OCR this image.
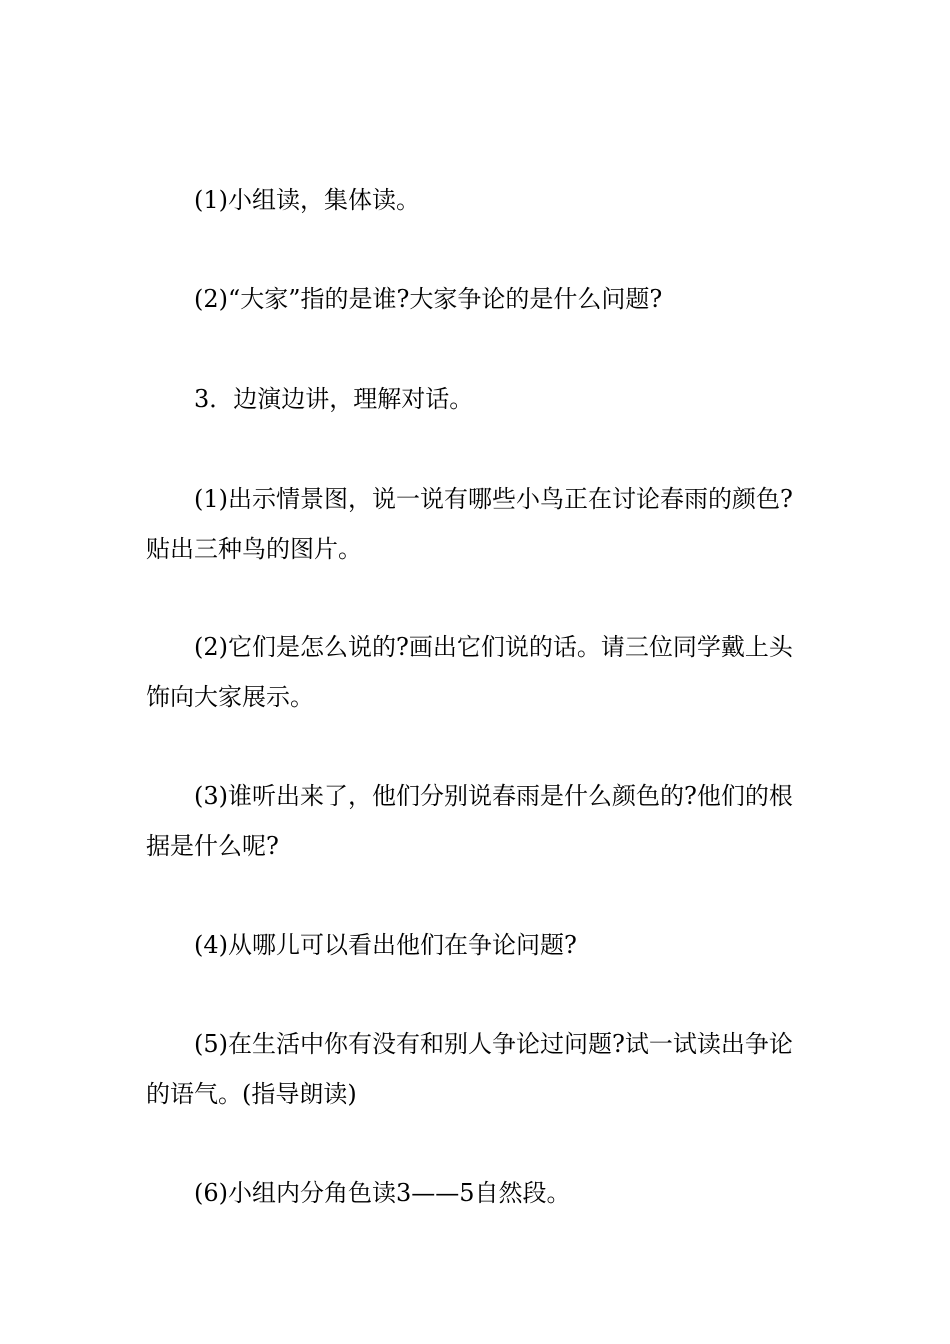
(1)小组读，集体读。

(2)“大家”指的是谁?大家争论的是什么问题?

3．边演边讲，理解对话。

(1)出示情景图，说一说有哪些小鸟正在讨论春雨的颜色?贴出三种鸟的图片。

(2)它们是怎么说的?画出它们说的话。请三位同学戴上头饰向大家展示。

(3)谁听出来了，他们分别说春雨是什么颜色的?他们的根据是什么呢?

(4)从哪儿可以看出他们在争论问题?

(5)在生活中你有没有和别人争论过问题?试一试读出争论的语气。(指导朗读)

(6)小组内分角色读3——5自然段。
